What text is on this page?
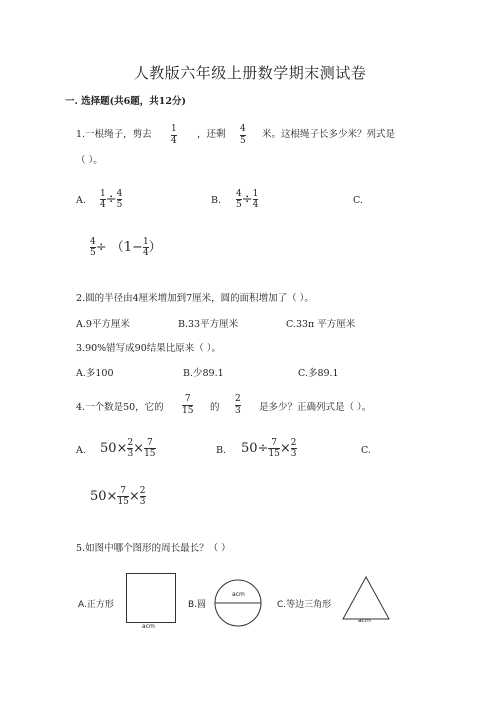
人教版六年级上册数学期末测试卷
一. 选择题(共6题，共12分)
1.一根绳子，剪去 1
4
，还剩 4
5
米。这根绳子长多少米？列式是
（ ）。
A. $\frac{1}{4} \div \frac{4}{5}$	B. $\frac{4}{5} \div \frac{1}{4}$	C.
$\frac{4}{5} \div (1- \frac{1}{4}$ ）
2.圆的半径由4厘米增加到7厘米，圆的面积增加了（ ）。
A.9平方厘米	B.33平方厘米	C.33π 平方厘米
3.90%错写成90结果比原来（ ）。
A.多100	B.少89.1	C.多89.1
4.一个数是50，它的
7
15 的
2
3 是多少？正确列式是（ ）。
A. $50\times \frac{2}{3} \times \frac{7}{15}$	B. $50\div \frac{7}{15} \times \frac{2}{3}$	C.
$50\times \frac{7}{15} \times \frac{2}{3}$
5.如图中哪个图形的周长最长？（ ）
A.正方形
acm
B.圆
acm
C.等边三角形
acm
